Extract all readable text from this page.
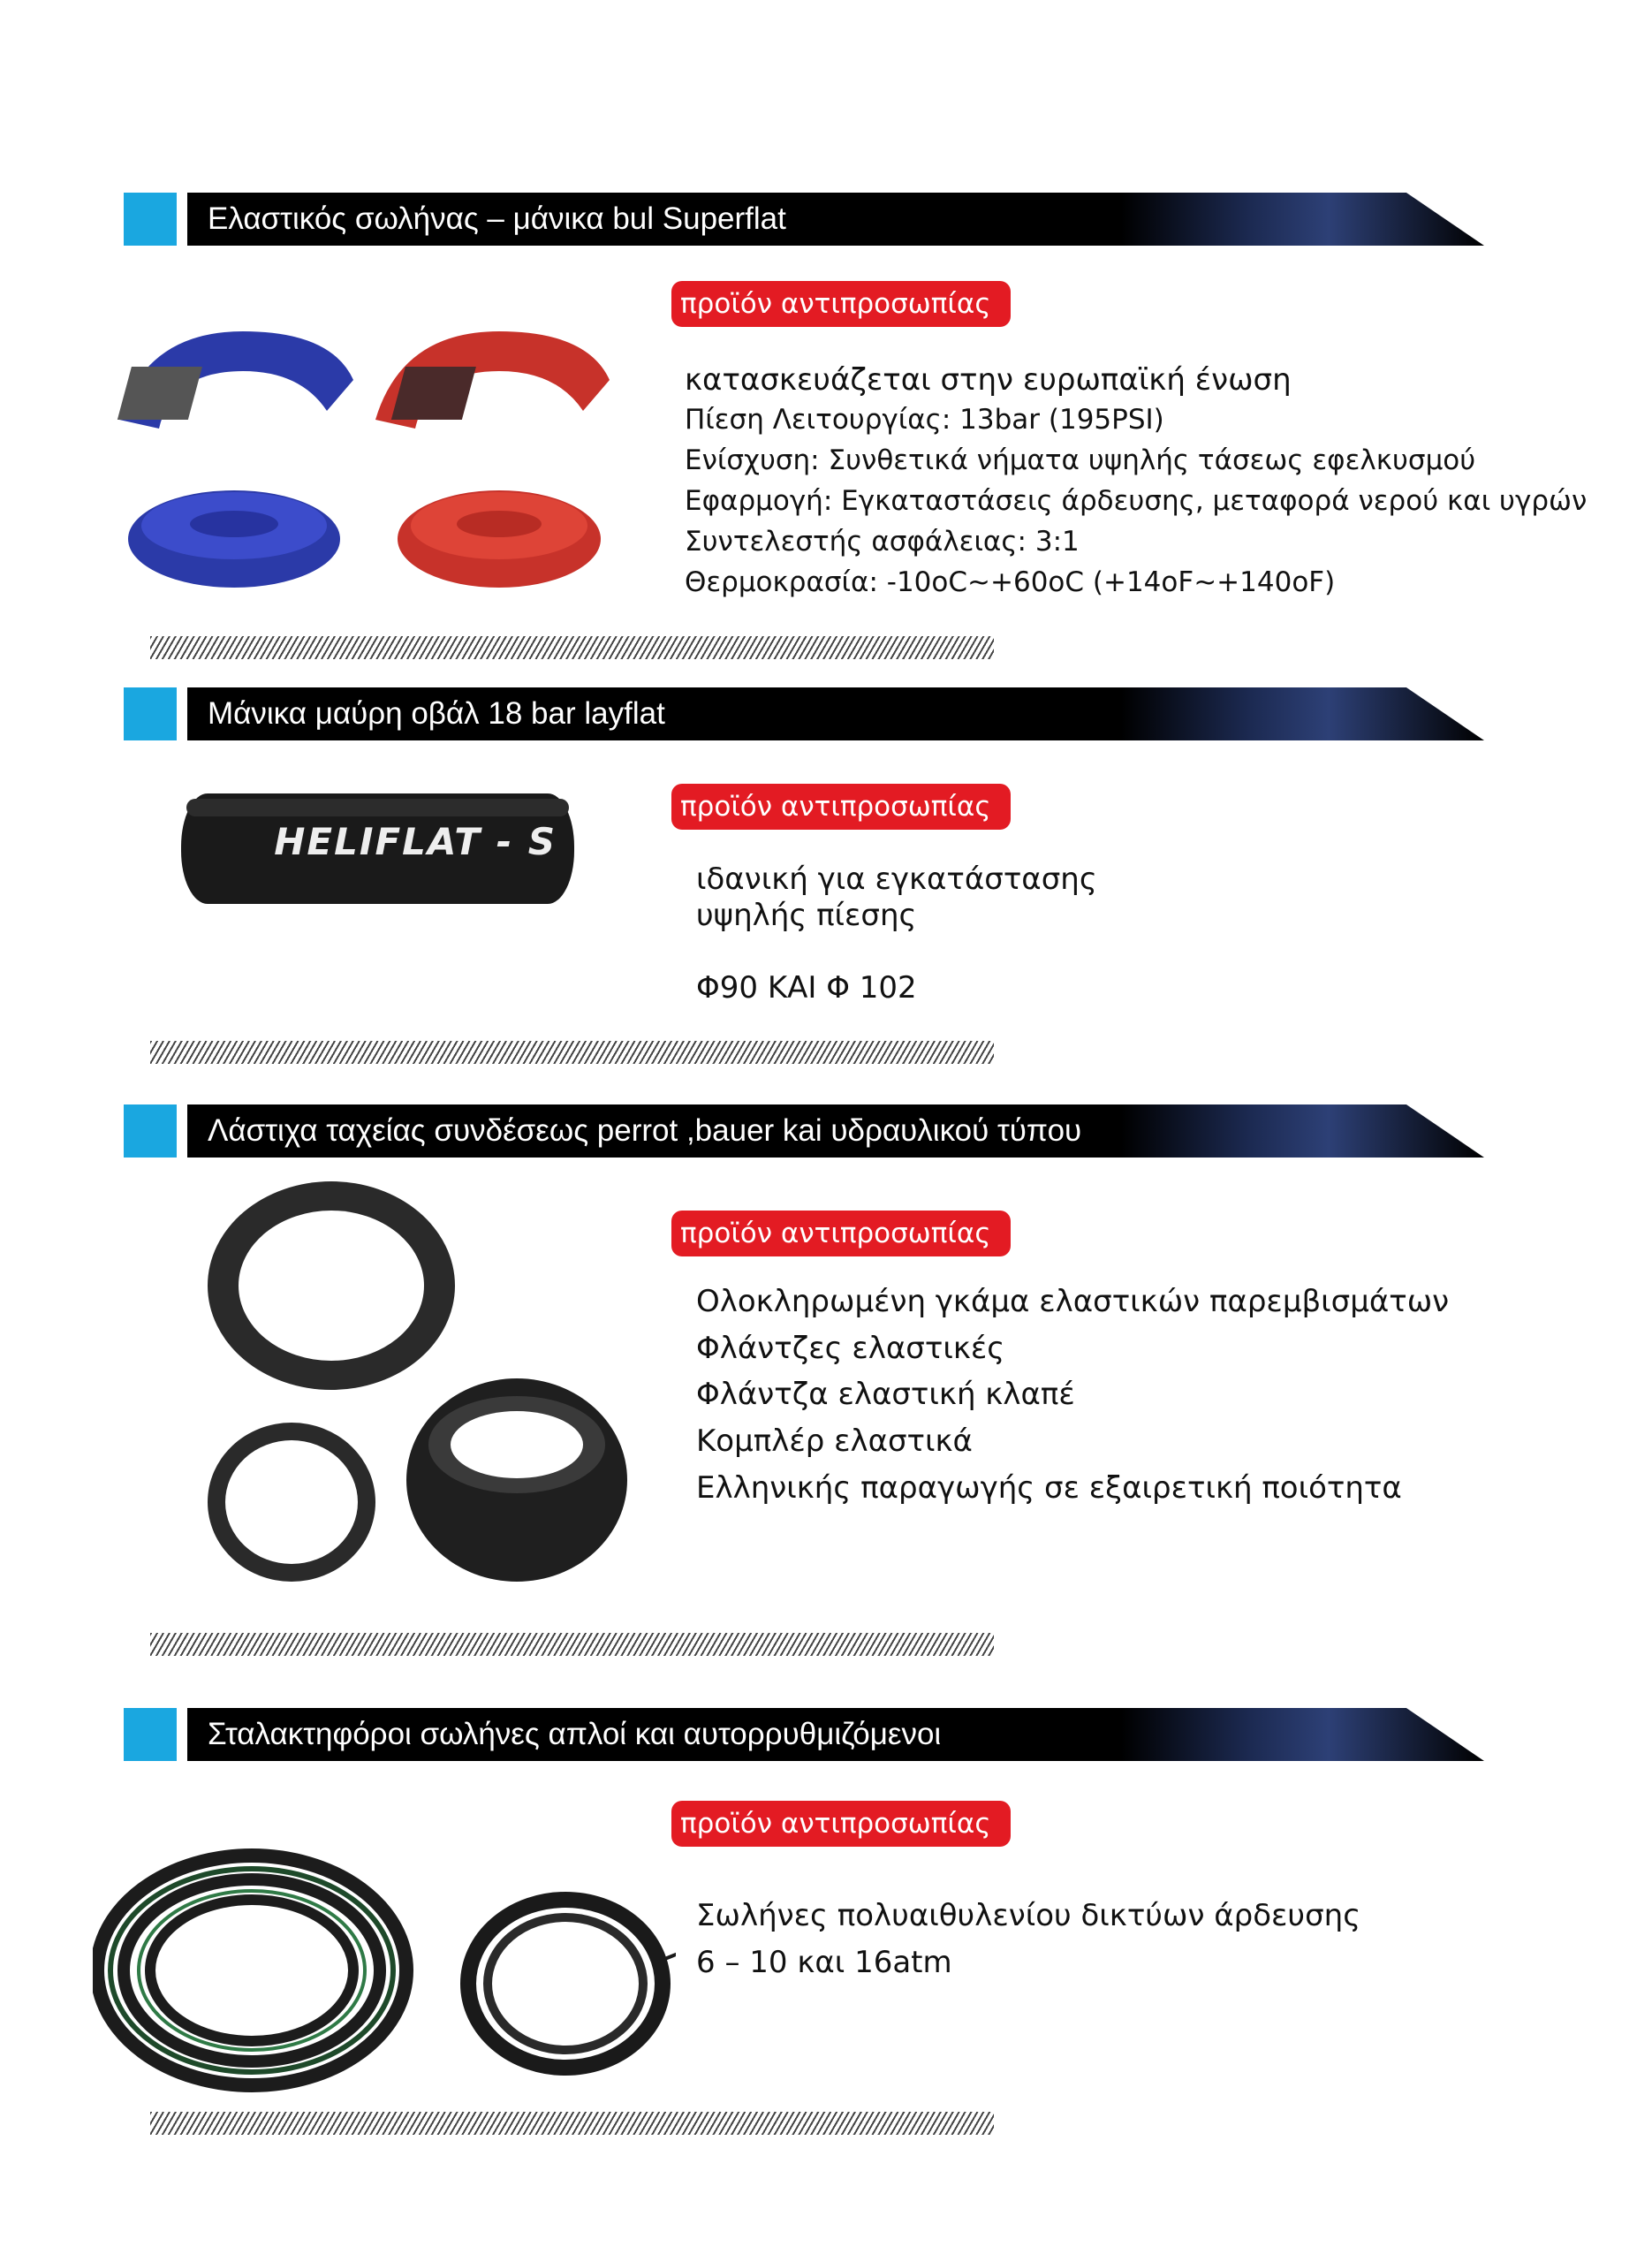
Ελαστικός σωλήνας – μάνικα bul Superflat
προϊόν αντιπροσωπίας
κατασκευάζεται στην ευρωπαϊκή ένωση
Πίεση Λειτουργίας: 13bar (195PSI)
Ενίσχυση: Συνθετικά νήματα υψηλής τάσεως εφελκυσμού
Εφαρμογή: Εγκαταστάσεις άρδευσης, μεταφορά νερού και υγρών
Συντελεστής ασφάλειας: 3:1
Θερμοκρασία: -10oC~+60oC (+14oF~+140oF)
Μάνικα μαύρη οβάλ 18 bar layflat
HELIFLAT - S
προϊόν αντιπροσωπίας
ιδανική για εγκατάστασης
υψηλής πίεσης
Φ90 ΚΑΙ Φ 102
Λάστιχα ταχείας συνδέσεως perrot ,bauer kai υδραυλικού τύπου
προϊόν αντιπροσωπίας
Ολοκληρωμένη γκάμα ελαστικών παρεμβισμάτων
Φλάντζες ελαστικές
Φλάντζα ελαστική κλαπέ
Κομπλέρ ελαστικά
Ελληνικής παραγωγής σε εξαιρετική ποιότητα
Σταλακτηφόροι σωλήνες απλοί και αυτορρυθμιζόμενοι
προϊόν αντιπροσωπίας
Σωλήνες πολυαιθυλενίου δικτύων άρδευσης
6 – 10 και 16atm
